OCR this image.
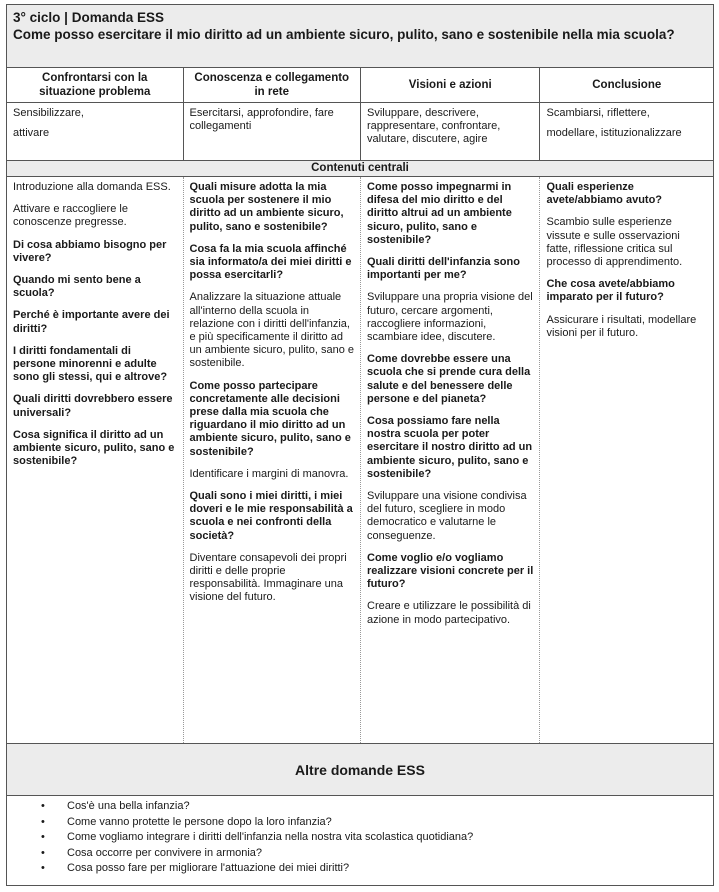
3° ciclo | Domanda ESS
Come posso esercitare il mio diritto ad un ambiente sicuro, pulito, sano e sostenibile nella mia scuola?
Confrontarsi con la situazione problema
Conoscenza e collegamento in rete
Visioni e azioni	Conclusione
Sensibilizzare,
attivare
Esercitarsi, approfondire, fare collegamenti
Sviluppare, descrivere, rappresentare, confrontare, valutare, discutere, agire
Scambiarsi, riflettere,
modellare, istituzionalizzare
Contenuti centrali

Introduzione alla domanda ESS.

Attivare e raccogliere le conoscenze pregresse.

Di cosa abbiamo bisogno per vivere?

Quando mi sento bene a scuola?

Perché è importante avere dei diritti?

I diritti fondamentali di persone minorenni e adulte sono gli stessi, qui e altrove?

Quali diritti dovrebbero essere universali?

Cosa significa il diritto ad un ambiente sicuro, pulito, sano e sostenibile?

Quali misure adotta la mia scuola per sostenere il mio diritto ad un ambiente sicuro, pulito, sano e sostenibile?

Cosa fa la mia scuola affinché sia informato/a dei miei diritti e possa esercitarli?

Analizzare la situazione attuale all'interno della scuola in relazione con i diritti dell'infanzia, e più specificamente il diritto ad un ambiente sicuro, pulito, sano e sostenibile.

Come posso partecipare concretamente alle decisioni prese dalla mia scuola che riguardano il mio diritto ad un ambiente sicuro, pulito, sano e sostenibile?

Identificare i margini di manovra.

Quali sono i miei diritti, i miei doveri e le mie responsabilità a scuola e nei confronti della società?

Diventare consapevoli dei propri diritti e delle proprie responsabilità. Immaginare una visione del futuro.

Come posso impegnarmi in difesa del mio diritto e del diritto altrui ad un ambiente sicuro, pulito, sano e sostenibile?

Quali diritti dell'infanzia sono importanti per me?

Sviluppare una propria visione del futuro, cercare argomenti, raccogliere informazioni, scambiare idee, discutere.

Come dovrebbe essere una scuola che si prende cura della salute e del benessere delle persone e del pianeta?

Cosa possiamo fare nella nostra scuola per poter esercitare il nostro diritto ad un ambiente sicuro, pulito, sano e sostenibile?

Sviluppare una visione condivisa del futuro, scegliere in modo democratico e valutarne le conseguenze.

Come voglio e/o vogliamo realizzare visioni concrete per il futuro?

Creare e utilizzare le possibilità di azione in modo partecipativo.

Quali esperienze avete/abbiamo avuto?

Scambio sulle esperienze vissute e sulle osservazioni fatte, riflessione critica sul processo di apprendimento.

Che cosa avete/abbiamo imparato per il futuro?

Assicurare i risultati, modellare visioni per il futuro.

Altre domande ESS
• Cos'è una bella infanzia?
• Come vanno protette le persone dopo la loro infanzia?
• Come vogliamo integrare i diritti dell'infanzia nella nostra vita scolastica quotidiana?
• Cosa occorre per convivere in armonia?
• Cosa posso fare per migliorare l'attuazione dei miei diritti?
